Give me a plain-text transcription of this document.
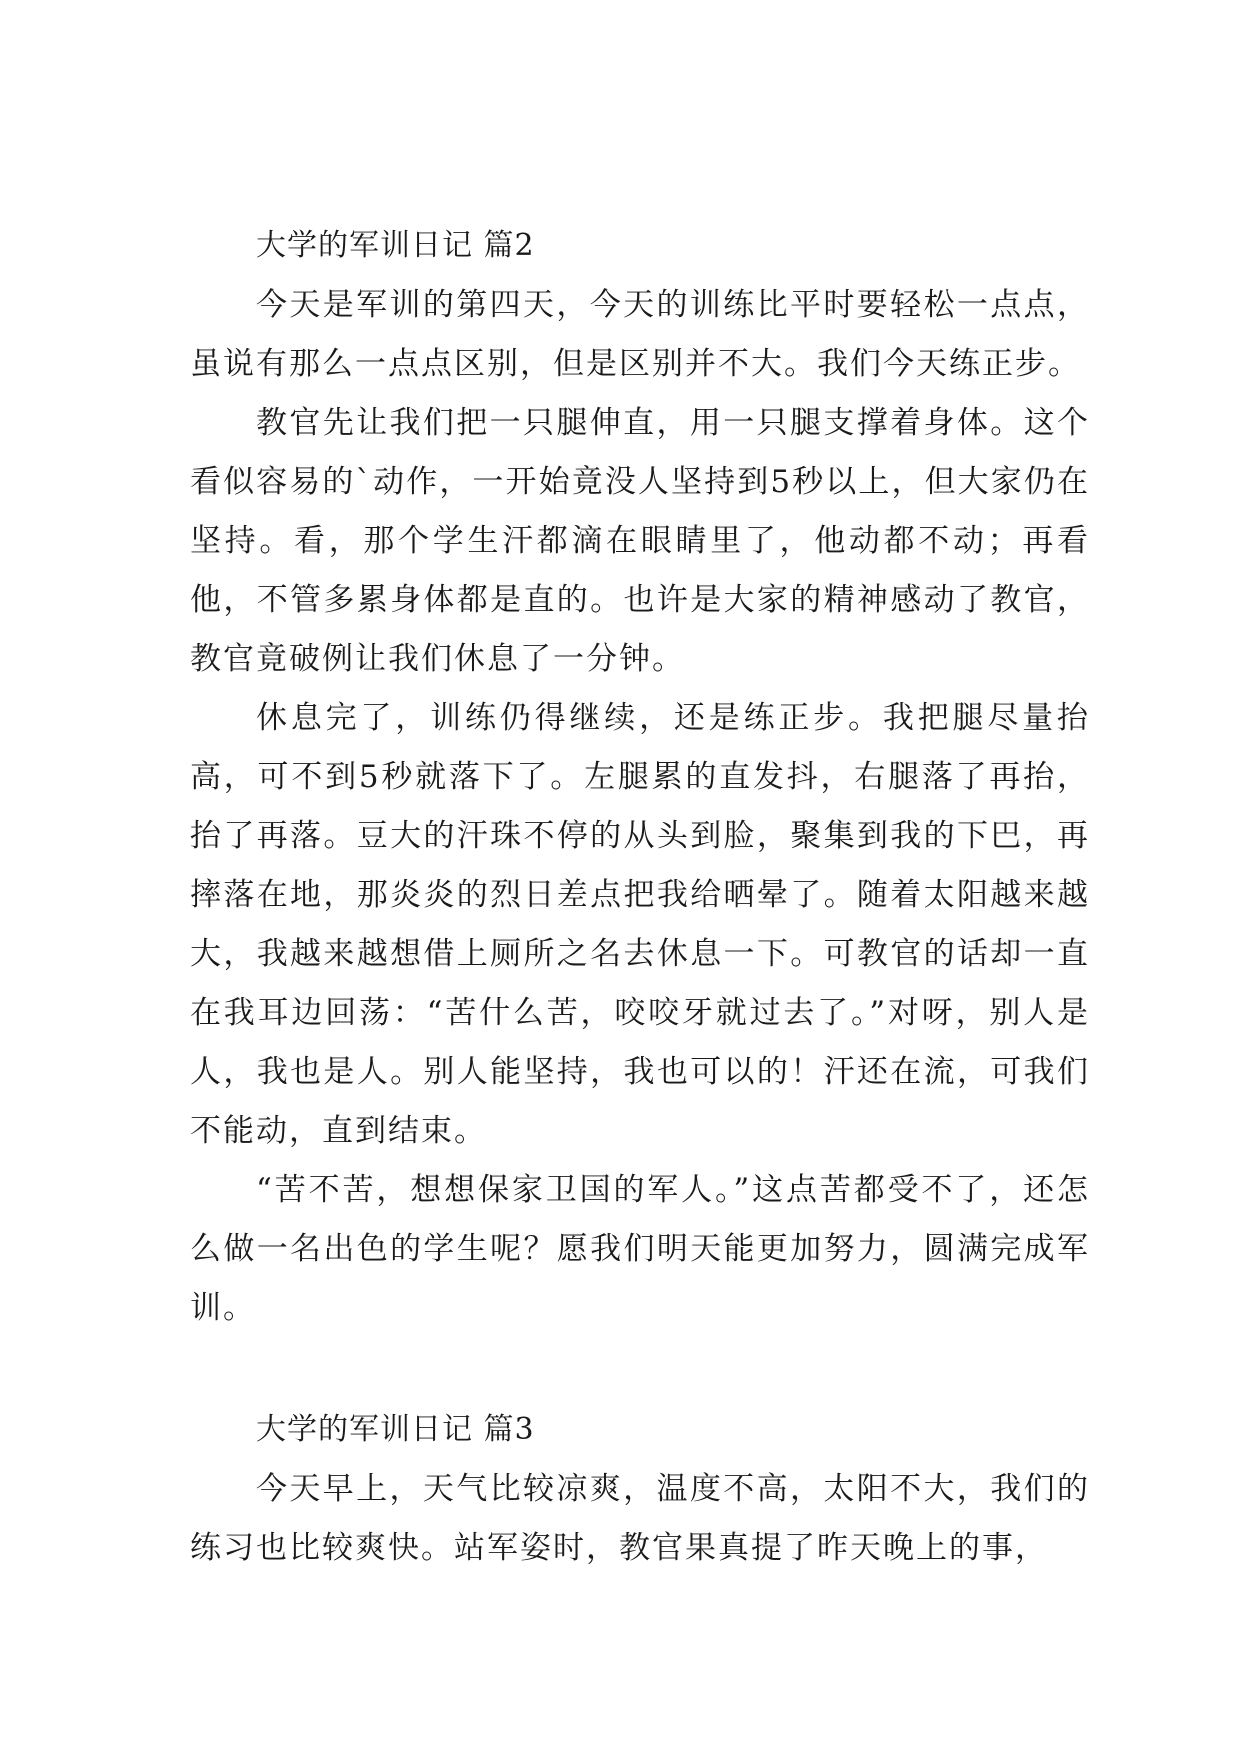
大学的军训日记 篇2

今天是军训的第四天，今天的训练比平时要轻松一点点，虽说有那么一点点区别，但是区别并不大。我们今天练正步。

教官先让我们把一只腿伸直，用一只腿支撑着身体。这个看似容易的`动作，一开始竟没人坚持到5秒以上，但大家仍在坚持。看，那个学生汗都滴在眼睛里了，他动都不动；再看他，不管多累身体都是直的。也许是大家的精神感动了教官，教官竟破例让我们休息了一分钟。

休息完了，训练仍得继续，还是练正步。我把腿尽量抬高，可不到5秒就落下了。左腿累的直发抖，右腿落了再抬，抬了再落。豆大的汗珠不停的从头到脸，聚集到我的下巴，再摔落在地，那炎炎的烈日差点把我给晒晕了。随着太阳越来越大，我越来越想借上厕所之名去休息一下。可教官的话却一直在我耳边回荡：“苦什么苦，咬咬牙就过去了。”对呀，别人是人，我也是人。别人能坚持，我也可以的！汗还在流，可我们不能动，直到结束。

“苦不苦，想想保家卫国的军人。”这点苦都受不了，还怎么做一名出色的学生呢？愿我们明天能更加努力，圆满完成军训。

大学的军训日记 篇3

今天早上，天气比较凉爽，温度不高，太阳不大，我们的练习也比较爽快。站军姿时，教官果真提了昨天晚上的事，
